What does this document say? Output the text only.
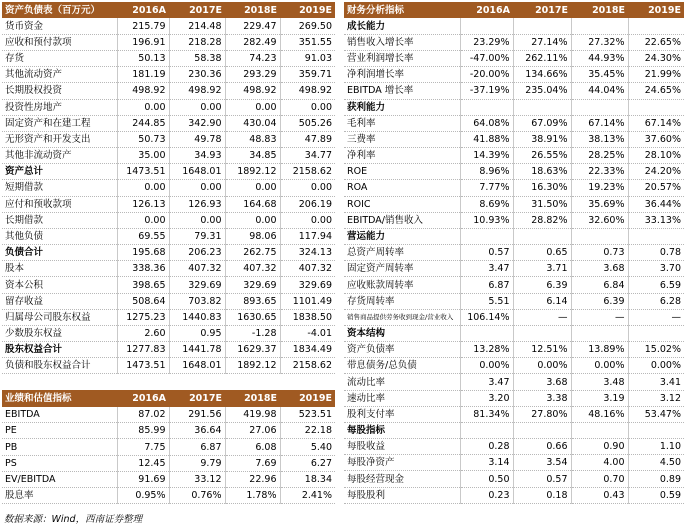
资产负债表（百万元）	2016A	2017E	2018E	2019E
货币资金	215.79	214.48	229.47	269.50
应收和预付款项	196.91	218.28	282.49	351.55
存货	50.13	58.38	74.23	91.03
其他流动资产	181.19	230.36	293.29	359.71
长期股权投资	498.92	498.92	498.92	498.92
投资性房地产	0.00	0.00	0.00	0.00
固定资产和在建工程	244.85	342.90	430.04	505.26
无形资产和开发支出	50.73	49.78	48.83	47.89
其他非流动资产	35.00	34.93	34.85	34.77
资产总计	1473.51	1648.01	1892.12	2158.62
短期借款	0.00	0.00	0.00	0.00
应付和预收款项	126.13	126.93	164.68	206.19
长期借款	0.00	0.00	0.00	0.00
其他负债	69.55	79.31	98.06	117.94
负债合计	195.68	206.23	262.75	324.13
股本	338.36	407.32	407.32	407.32
资本公积	398.65	329.69	329.69	329.69
留存收益	508.64	703.82	893.65	1101.49
归属母公司股东权益	1275.23	1440.83	1630.65	1838.50
少数股东权益	2.60	0.95	-1.28	-4.01
股东权益合计	1277.83	1441.78	1629.37	1834.49
负债和股东权益合计	1473.51	1648.01	1892.12	2158.62
业绩和估值指标	2016A	2017E	2018E	2019E
EBITDA	87.02	291.56	419.98	523.51
PE	85.99	36.64	27.06	22.18
PB	7.75	6.87	6.08	5.40
PS	12.45	9.79	7.69	6.27
EV/EBITDA	91.69	33.12	22.96	18.34
股息率	0.95%	0.76%	1.78%	2.41%
财务分析指标	2016A	2017E	2018E	2019E
成长能力				
销售收入增长率	23.29%	27.14%	27.32%	22.65%
营业利润增长率	-47.00%	262.11%	44.93%	24.30%
净利润增长率	-20.00%	134.66%	35.45%	21.99%
EBITDA 增长率	-37.19%	235.04%	44.04%	24.65%
获利能力				
毛利率	64.08%	67.09%	67.14%	67.14%
三费率	41.88%	38.91%	38.13%	37.60%
净利率	14.39%	26.55%	28.25%	28.10%
ROE	8.96%	18.63%	22.33%	24.20%
ROA	7.77%	16.30%	19.23%	20.57%
ROIC	8.69%	31.50%	35.69%	36.44%
EBITDA/销售收入	10.93%	28.82%	32.60%	33.13%
营运能力				
总资产周转率	0.57	0.65	0.73	0.78
固定资产周转率	3.47	3.71	3.68	3.70
应收账款周转率	6.87	6.39	6.84	6.59
存货周转率	5.51	6.14	6.39	6.28
销售商品提供劳务收到现金/营业收入	106.14%	—	—	—
资本结构				
资产负债率	13.28%	12.51%	13.89%	15.02%
带息债务/总负债	0.00%	0.00%	0.00%	0.00%
流动比率	3.47	3.68	3.48	3.41
速动比率	3.20	3.38	3.19	3.12
股利支付率	81.34%	27.80%	48.16%	53.47%
每股指标				
每股收益	0.28	0.66	0.90	1.10
每股净资产	3.14	3.54	4.00	4.50
每股经营现金	0.50	0.57	0.70	0.89
每股股利	0.23	0.18	0.43	0.59
数据来源：Wind，西南证券整理
